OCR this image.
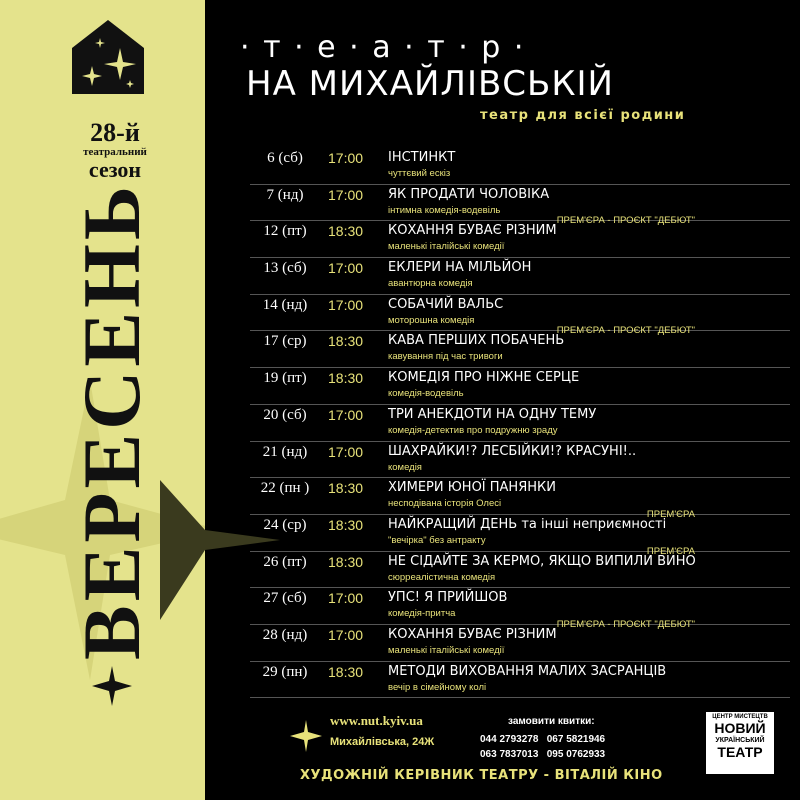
28-й
театральний
сезон
ВЕРЕСЕНЬ
· т · е · а · т · р ·
НА МИХАЙЛІВСЬКІЙ
театр для всієї родини
6 (сб)	17:00	ІНСТИНКТ
чуттєвий ескіз
7 (нд)	17:00	ЯК ПРОДАТИ ЧОЛОВІКА
інтимна комедія-водевіль
ПРЕМ'ЄРА - ПРОЄКТ "ДЕБЮТ"
12 (пт)	18:30	КОХАННЯ БУВАЄ РІЗНИМ
маленькі італійські комедії
13 (сб)	17:00	ЕКЛЕРИ НА МІЛЬЙОН
авантюрна комедія
14 (нд)	17:00	СОБАЧИЙ ВАЛЬС
моторошна комедія
ПРЕМ'ЄРА - ПРОЄКТ "ДЕБЮТ"
17 (ср)	18:30	КАВА ПЕРШИХ ПОБАЧЕНЬ
кавування під час тривоги
19 (пт)	18:30	КОМЕДІЯ ПРО НІЖНЕ СЕРЦЕ
комедія-водевіль
20 (сб)	17:00	ТРИ АНЕКДОТИ НА ОДНУ ТЕМУ
комедія-детектив про подружню зраду
21 (нд)	17:00	ШАХРАЙКИ!? ЛЕСБІЙКИ!? КРАСУНІ!..
комедія
22 (пн )	18:30	ХИМЕРИ ЮНОЇ ПАНЯНКИ
несподівана історія Олесі
ПРЕМ'ЄРА
24 (ср)	18:30	НАЙКРАЩИЙ ДЕНЬ та інші неприємності
"вечірка" без антракту
ПРЕМ'ЄРА
26 (пт)	18:30	НЕ СІДАЙТЕ ЗА КЕРМО, ЯКЩО ВИПИЛИ ВИНО
сюрреалістична комедія
27 (сб)	17:00	УПС! Я ПРИЙШОВ
комедія-притча
ПРЕМ'ЄРА - ПРОЄКТ "ДЕБЮТ"
28 (нд)	17:00	КОХАННЯ БУВАЄ РІЗНИМ
маленькі італійські комедії
29 (пн)	18:30	МЕТОДИ ВИХОВАННЯ МАЛИХ ЗАСРАНЦІВ
вечір в сімейному колі
www.nut.kyiv.ua
Михайлівська, 24Ж
замовити квитки:
044 2793278   067 5821946
063 7837013   095 0762933
ЦЕНТР МИСТЕЦТВ
НОВИЙ
УКРАЇНСЬКИЙ
ТЕАТР
ХУДОЖНІЙ КЕРІВНИК ТЕАТРУ - ВІТАЛІЙ КІНО
